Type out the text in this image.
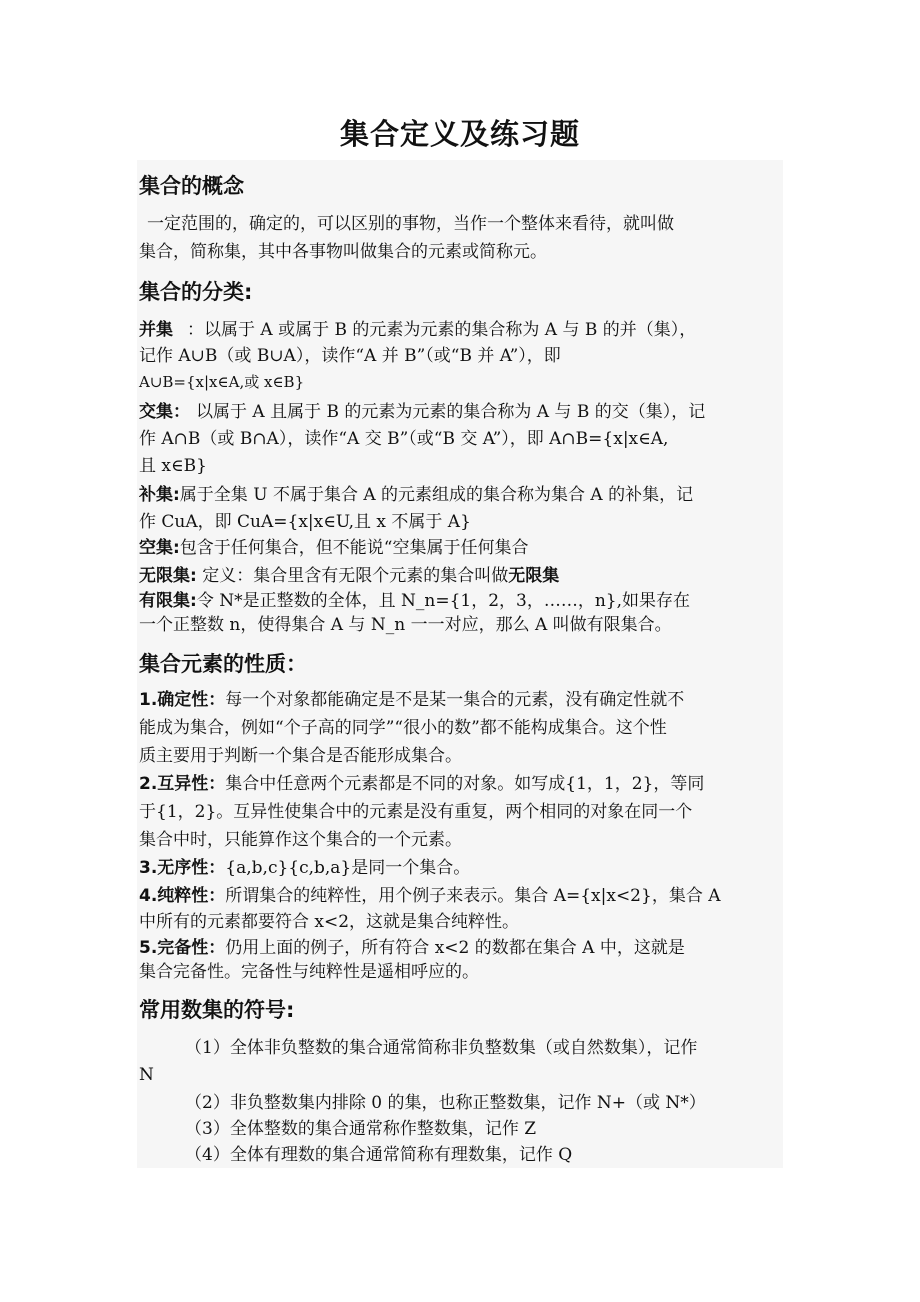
集合定义及练习题
集合的概念
一定范围的，确定的，可以区别的事物，当作一个整体来看待，就叫做
集合，简称集，其中各事物叫做集合的元素或简称元。
集合的分类:
并集 ：以属于 A 或属于 B 的元素为元素的集合称为 A 与 B 的并（集），
记作 A∪B（或 B∪A），读作“A 并 B”（或“B 并 A”），即
A∪B={x|x∈A,或 x∈B}
交集： 以属于 A 且属于 B 的元素为元素的集合称为 A 与 B 的交（集），记
作 A∩B（或 B∩A），读作“A 交 B”（或“B 交 A”），即 A∩B={x|x∈A,
且 x∈B}
补集:属于全集 U 不属于集合 A 的元素组成的集合称为集合 A 的补集，记
作 CuA，即 CuA={x|x∈U,且 x 不属于 A}
空集:包含于任何集合，但不能说“空集属于任何集合
无限集: 定义：集合里含有无限个元素的集合叫做无限集
有限集:令 N*是正整数的全体，且 N_n={1，2，3，……，n},如果存在
一个正整数 n，使得集合 A 与 N_n 一一对应，那么 A 叫做有限集合。
集合元素的性质：
1.确定性：每一个对象都能确定是不是某一集合的元素，没有确定性就不
能成为集合，例如“个子高的同学”“很小的数”都不能构成集合。这个性
质主要用于判断一个集合是否能形成集合。
2.互异性：集合中任意两个元素都是不同的对象。如写成{1，1，2}，等同
于{1，2}。互异性使集合中的元素是没有重复，两个相同的对象在同一个
集合中时，只能算作这个集合的一个元素。
3.无序性：{a,b,c}{c,b,a}是同一个集合。
4.纯粹性：所谓集合的纯粹性，用个例子来表示。集合 A={x|x<2}，集合 A
中所有的元素都要符合 x<2，这就是集合纯粹性。
5.完备性：仍用上面的例子，所有符合 x<2 的数都在集合 A 中，这就是
集合完备性。完备性与纯粹性是遥相呼应的。
常用数集的符号:
（1）全体非负整数的集合通常简称非负整数集（或自然数集），记作
N
（2）非负整数集内排除 0 的集，也称正整数集，记作 N+（或 N*）
（3）全体整数的集合通常称作整数集，记作 Z
（4）全体有理数的集合通常简称有理数集，记作 Q
